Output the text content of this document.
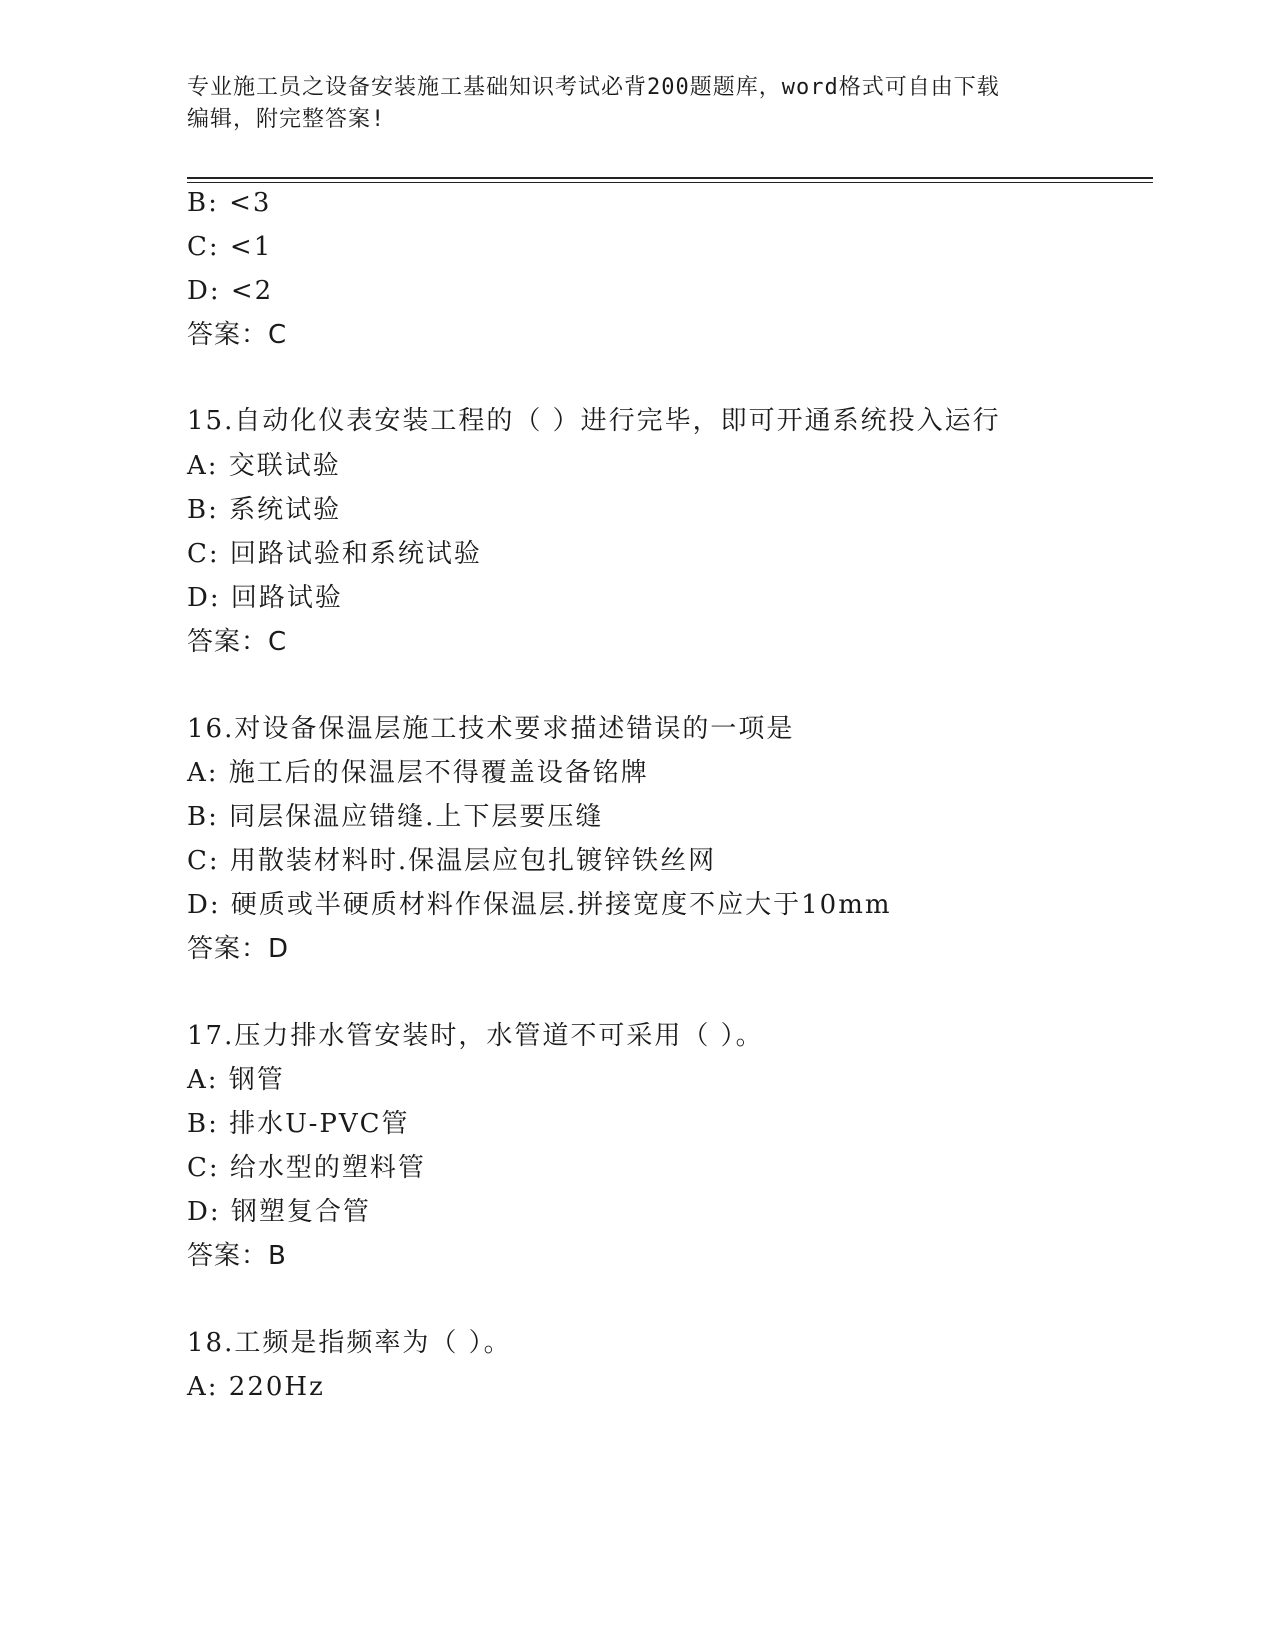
专业施工员之设备安装施工基础知识考试必背200题题库，word格式可自由下载
编辑，附完整答案!
B: <3
C: <1
D: <2
答案：C
15.自动化仪表安装工程的（ ）进行完毕，即可开通系统投入运行
A: 交联试验
B: 系统试验
C: 回路试验和系统试验
D: 回路试验
答案：C
16.对设备保温层施工技术要求描述错误的一项是
A: 施工后的保温层不得覆盖设备铭牌
B: 同层保温应错缝.上下层要压缝
C: 用散装材料时.保温层应包扎镀锌铁丝网
D: 硬质或半硬质材料作保温层.拼接宽度不应大于10mm
答案：D
17.压力排水管安装时，水管道不可采用（ ）。
A: 钢管
B: 排水U-PVC管
C: 给水型的塑料管
D: 钢塑复合管
答案：B
18.工频是指频率为（ ）。
A: 220Hz
